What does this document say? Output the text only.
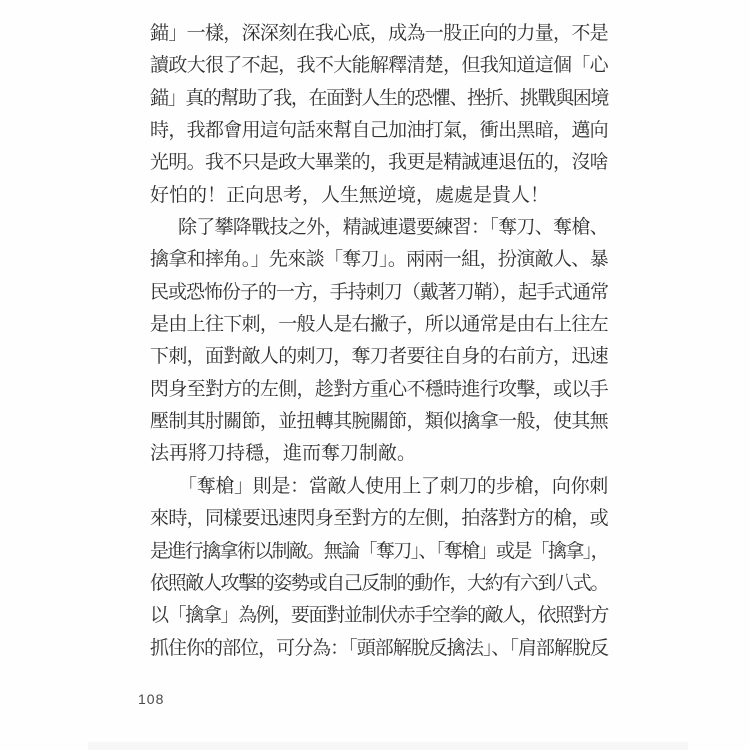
錨」一樣，深深刻在我心底，成為一股正向的力量，不是
讀政大很了不起，我不大能解釋清楚，但我知道這個「心
錨」真的幫助了我，在面對人生的恐懼、挫折、挑戰與困境
時，我都會用這句話來幫自己加油打氣，衝出黑暗，邁向
光明。我不只是政大畢業的，我更是精誠連退伍的，沒啥
好怕的！正向思考，人生無逆境，處處是貴人！
除了攀降戰技之外，精誠連還要練習：「奪刀、奪槍、
擒拿和摔角。」先來談「奪刀」。兩兩一組，扮演敵人、暴
民或恐怖份子的一方，手持刺刀（戴著刀鞘），起手式通常
是由上往下刺，一般人是右撇子，所以通常是由右上往左
下刺，面對敵人的刺刀，奪刀者要往自身的右前方，迅速
閃身至對方的左側，趁對方重心不穩時進行攻擊，或以手
壓制其肘關節，並扭轉其腕關節，類似擒拿一般，使其無
法再將刀持穩，進而奪刀制敵。
「奪槍」則是：當敵人使用上了刺刀的步槍，向你刺
來時，同樣要迅速閃身至對方的左側，拍落對方的槍，或
是進行擒拿術以制敵。無論「奪刀」、「奪槍」或是「擒拿」，
依照敵人攻擊的姿勢或自己反制的動作，大約有六到八式。
以「擒拿」為例，要面對並制伏赤手空拳的敵人，依照對方
抓住你的部位，可分為：「頭部解脫反擒法」、「肩部解脫反
108
